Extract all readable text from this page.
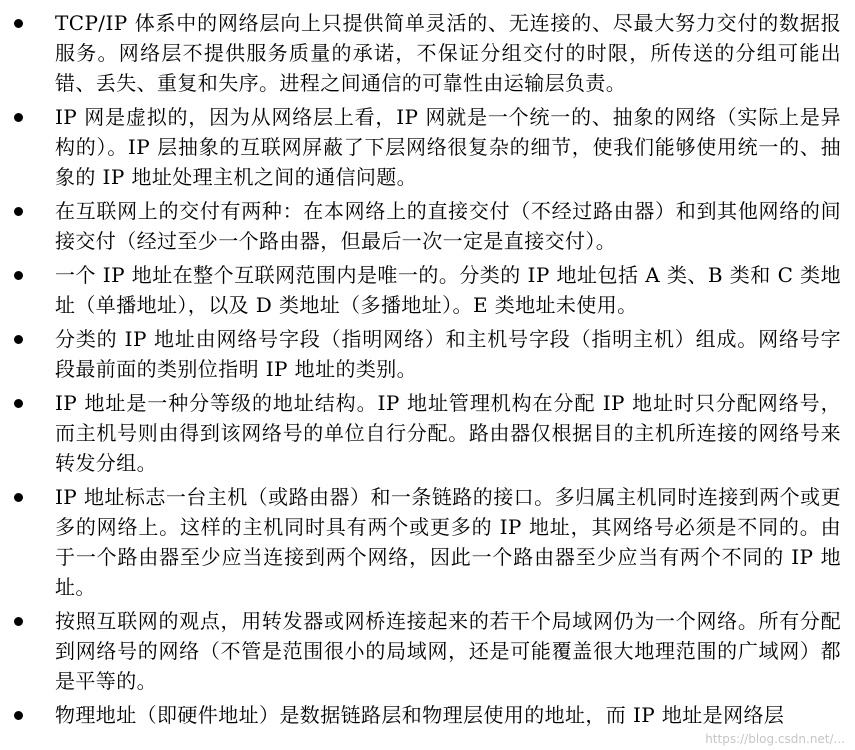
TCP/IP 体系中的网络层向上只提供简单灵活的、无连接的、尽最大努力交付的数据报服务。网络层不提供服务质量的承诺，不保证分组交付的时限，所传送的分组可能出错、丢失、重复和失序。进程之间通信的可靠性由运输层负责。
IP 网是虚拟的，因为从网络层上看，IP 网就是一个统一的、抽象的网络（实际上是异构的）。IP 层抽象的互联网屏蔽了下层网络很复杂的细节，使我们能够使用统一的、抽象的 IP 地址处理主机之间的通信问题。
在互联网上的交付有两种：在本网络上的直接交付（不经过路由器）和到其他网络的间接交付（经过至少一个路由器，但最后一次一定是直接交付）。
一个 IP 地址在整个互联网范围内是唯一的。分类的 IP 地址包括 A 类、B 类和 C 类地址（单播地址），以及 D 类地址（多播地址）。E 类地址未使用。
分类的 IP 地址由网络号字段（指明网络）和主机号字段（指明主机）组成。网络号字段最前面的类别位指明 IP 地址的类别。
IP 地址是一种分等级的地址结构。IP 地址管理机构在分配 IP 地址时只分配网络号，而主机号则由得到该网络号的单位自行分配。路由器仅根据目的主机所连接的网络号来转发分组。
IP 地址标志一台主机（或路由器）和一条链路的接口。多归属主机同时连接到两个或更多的网络上。这样的主机同时具有两个或更多的 IP 地址，其网络号必须是不同的。由于一个路由器至少应当连接到两个网络，因此一个路由器至少应当有两个不同的 IP 地址。
按照互联网的观点，用转发器或网桥连接起来的若干个局域网仍为一个网络。所有分配到网络号的网络（不管是范围很小的局域网，还是可能覆盖很大地理范围的广域网）都是平等的。
物理地址（即硬件地址）是数据链路层和物理层使用的地址，而 IP 地址是网络层
https://blog.csdn.net/...
